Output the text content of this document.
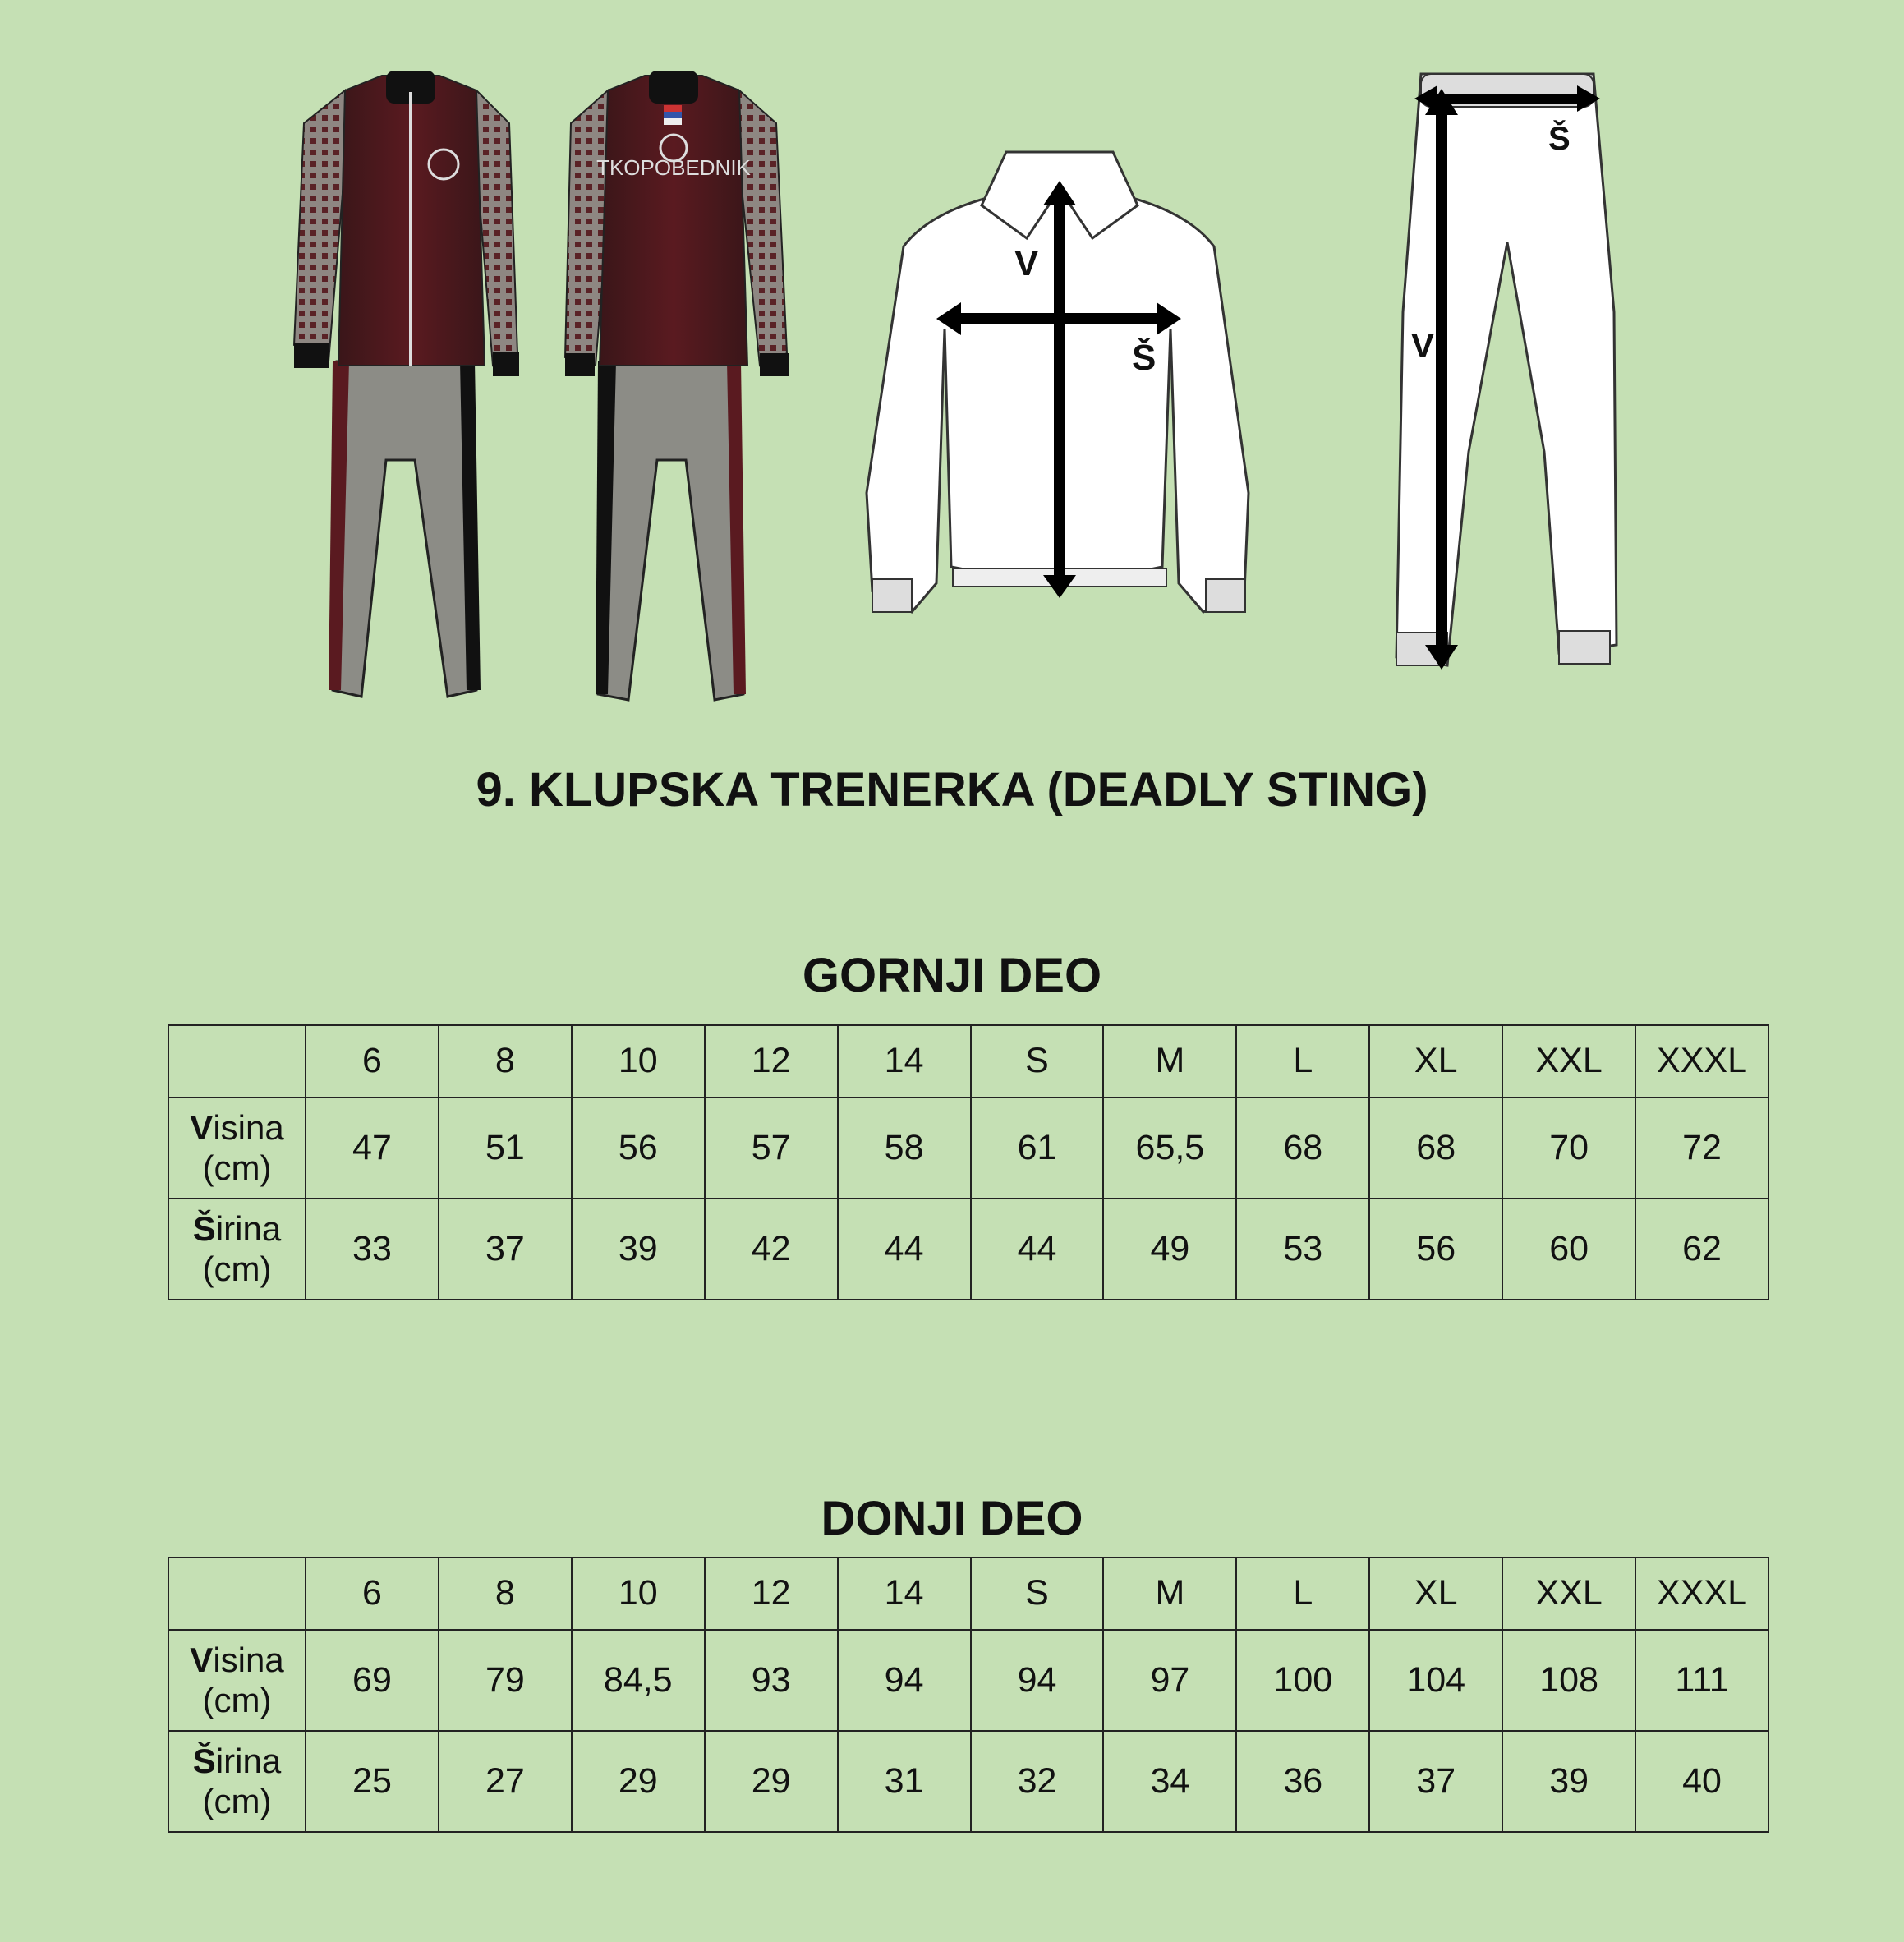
TKOPOBEDNIK
V
Š
Š
V
9. KLUPSKA TRENERKA (DEADLY STING)
GORNJI DEO
	6	8	10	12	14	S	M	L	XL	XXL	XXXL
Visina
(cm)	47	51	56	57	58	61	65,5	68	68	70	72
Širina
(cm)	33	37	39	42	44	44	49	53	56	60	62
DONJI DEO
	6	8	10	12	14	S	M	L	XL	XXL	XXXL
Visina
(cm)	69	79	84,5	93	94	94	97	100	104	108	111
Širina
(cm)	25	27	29	29	31	32	34	36	37	39	40
